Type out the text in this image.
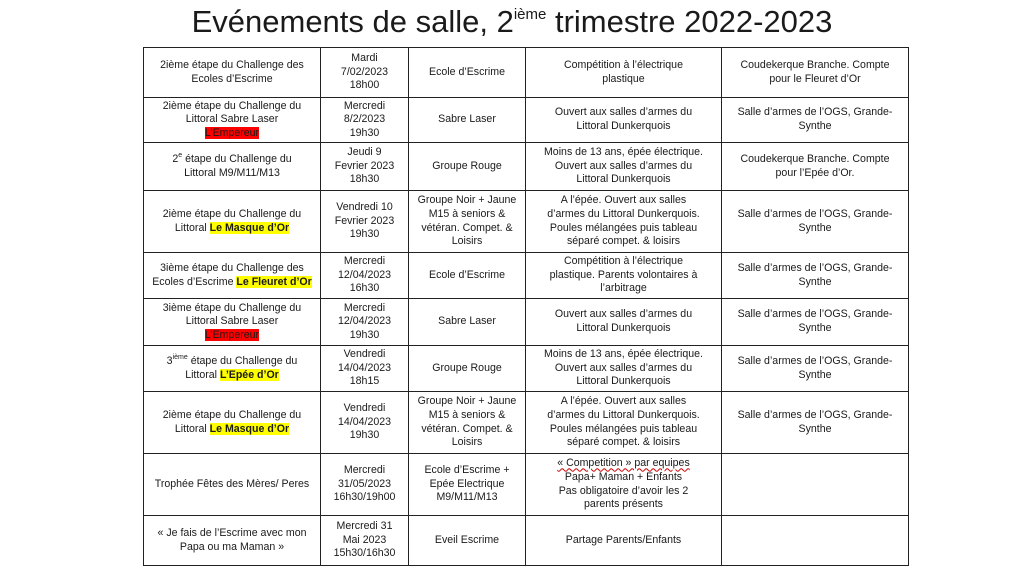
Evénements de salle, 2ième trimestre 2022-2023
2ième étape du Challenge des
Ecoles d’Escrime	Mardi
7/02/2023
18h00	Ecole d’Escrime	Compétition à l’électrique
plastique	Coudekerque Branche. Compte
pour le Fleuret d’Or
2ième étape du Challenge du
Littoral Sabre Laser
L’Empereur	Mercredi
8/2/2023
19h30	Sabre Laser	Ouvert aux salles d’armes du
Littoral Dunkerquois	Salle d’armes de l’OGS, Grande-
Synthe
2e étape du Challenge du
Littoral M9/M11/M13	Jeudi 9
Fevrier 2023
18h30	Groupe Rouge	Moins de 13 ans, épée électrique.
Ouvert aux salles d’armes du
Littoral Dunkerquois	Coudekerque Branche. Compte
pour l’Epée d’Or.
2ième étape du Challenge du
Littoral Le Masque d’Or	Vendredi 10
Fevrier 2023
19h30	Groupe Noir + Jaune
M15 à seniors &
vétéran. Compet. &
Loisirs	A l’épée. Ouvert aux salles
d’armes du Littoral Dunkerquois.
Poules mélangées puis tableau
séparé compet. & loisirs	Salle d’armes de l’OGS, Grande-
Synthe
3ième étape du Challenge des
Ecoles d’Escrime Le Fleuret d’Or	Mercredi
12/04/2023
16h30	Ecole d’Escrime	Compétition à l’électrique
plastique. Parents volontaires à
l’arbitrage	Salle d’armes de l’OGS, Grande-
Synthe
3ième étape du Challenge du
Littoral Sabre Laser
L’Empereur	Mercredi
12/04/2023
19h30	Sabre Laser	Ouvert aux salles d’armes du
Littoral Dunkerquois	Salle d’armes de l’OGS, Grande-
Synthe
3ième étape du Challenge du
Littoral L’Epée d’Or	Vendredi
14/04/2023
18h15	Groupe Rouge	Moins de 13 ans, épée électrique.
Ouvert aux salles d’armes du
Littoral Dunkerquois	Salle d’armes de l’OGS, Grande-
Synthe
2ième étape du Challenge du
Littoral Le Masque d’Or	Vendredi
14/04/2023
19h30	Groupe Noir + Jaune
M15 à seniors &
vétéran. Compet. &
Loisirs	A l’épée. Ouvert aux salles
d’armes du Littoral Dunkerquois.
Poules mélangées puis tableau
séparé compet. & loisirs	Salle d’armes de l’OGS, Grande-
Synthe
Trophée Fêtes des Mères/ Peres	Mercredi
31/05/2023
16h30/19h00	Ecole d’Escrime +
Epée Electrique
M9/M11/M13	« Competition » par equipes
Papa+ Maman + Enfants
Pas obligatoire d’avoir les 2
parents présents	
« Je fais de l’Escrime avec mon
Papa ou ma Maman »	Mercredi 31
Mai 2023
15h30/16h30	Eveil Escrime	Partage Parents/Enfants	
